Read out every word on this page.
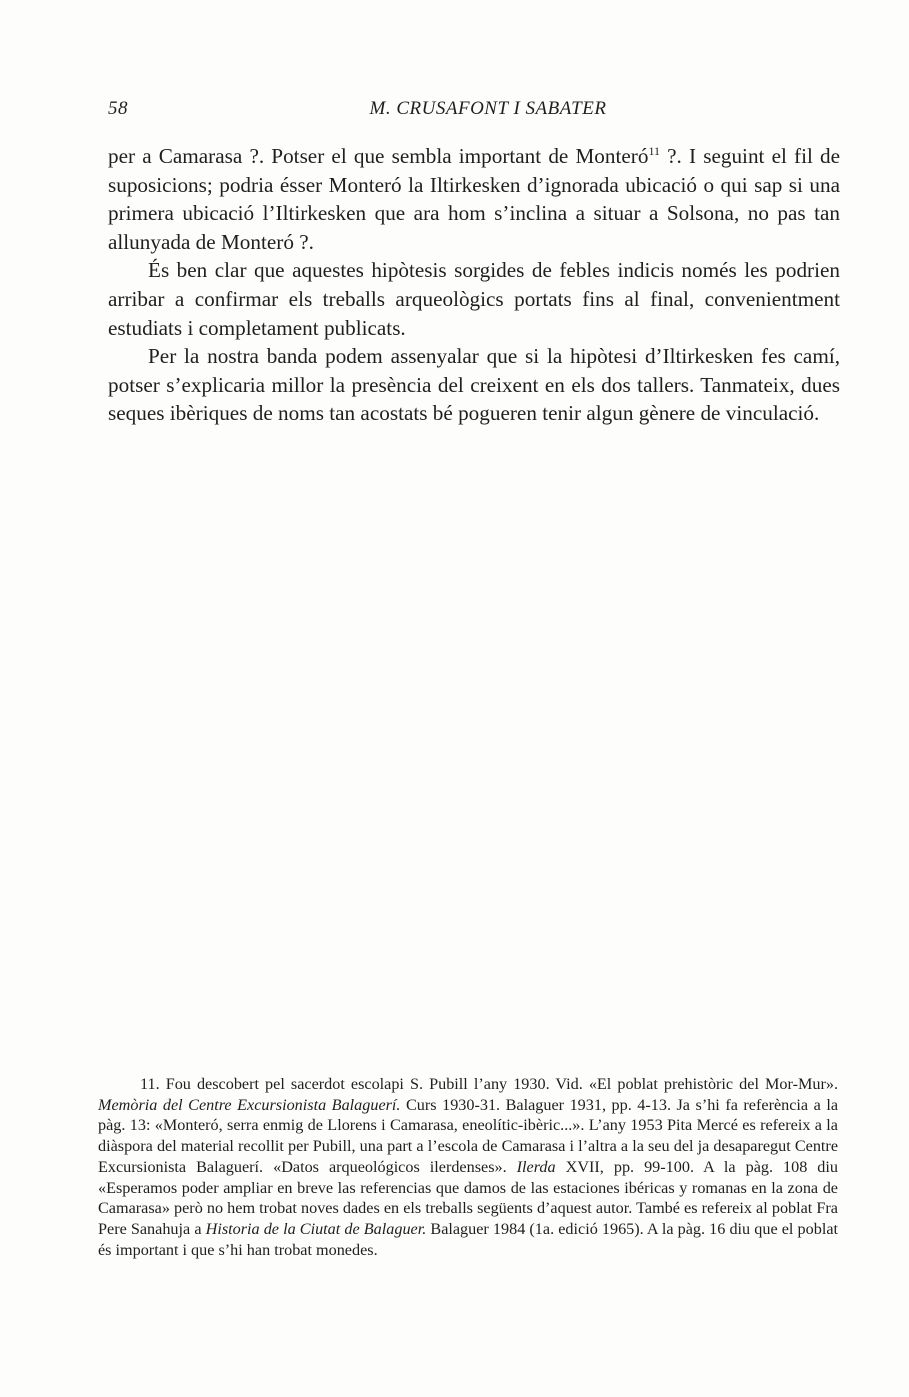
58	M. CRUSAFONT I SABATER

per a Camarasa ?. Potser el que sembla important de Monteró$^{11}$ ?. I seguint el fil de suposicions; podria ésser Monteró la Iltirkesken d’ignorada ubicació o qui sap si una primera ubicació l’Iltirkesken que ara hom s’inclina a situar a Solsona, no pas tan allunyada de Monteró ?.

És ben clar que aquestes hipòtesis sorgides de febles indicis només les podrien arribar a confirmar els treballs arqueològics portats fins al final, convenientment estudiats i completament publicats.

Per la nostra banda podem assenyalar que si la hipòtesi d’Iltirkesken fes camí, potser s’explicaria millor la presència del creixent en els dos tallers. Tanmateix, dues seques ibèriques de noms tan acostats bé pogueren tenir algun gènere de vinculació.

11. Fou descobert pel sacerdot escolapi S. Pubill l’any 1930. Vid. «El poblat prehistòric del Mor-Mur». Memòria del Centre Excursionista Balaguerí. Curs 1930-31. Balaguer 1931, pp. 4-13. Ja s’hi fa referència a la pàg. 13: «Monteró, serra enmig de Llorens i Camarasa, eneolític-ibèric...». L’any 1953 Pita Mercé es refereix a la diàspora del material recollit per Pubill, una part a l’escola de Camarasa i l’altra a la seu del ja desaparegut Centre Excursionista Balaguerí. «Datos arqueológicos ilerdenses». Ilerda XVII, pp. 99-100. A la pàg. 108 diu «Esperamos poder ampliar en breve las referencias que damos de las estaciones ibéricas y romanas en la zona de Camarasa» però no hem trobat noves dades en els treballs següents d’aquest autor. També es refereix al poblat Fra Pere Sanahuja a Historia de la Ciutat de Balaguer. Balaguer 1984 (1a. edició 1965). A la pàg. 16 diu que el poblat és important i que s’hi han trobat monedes.
